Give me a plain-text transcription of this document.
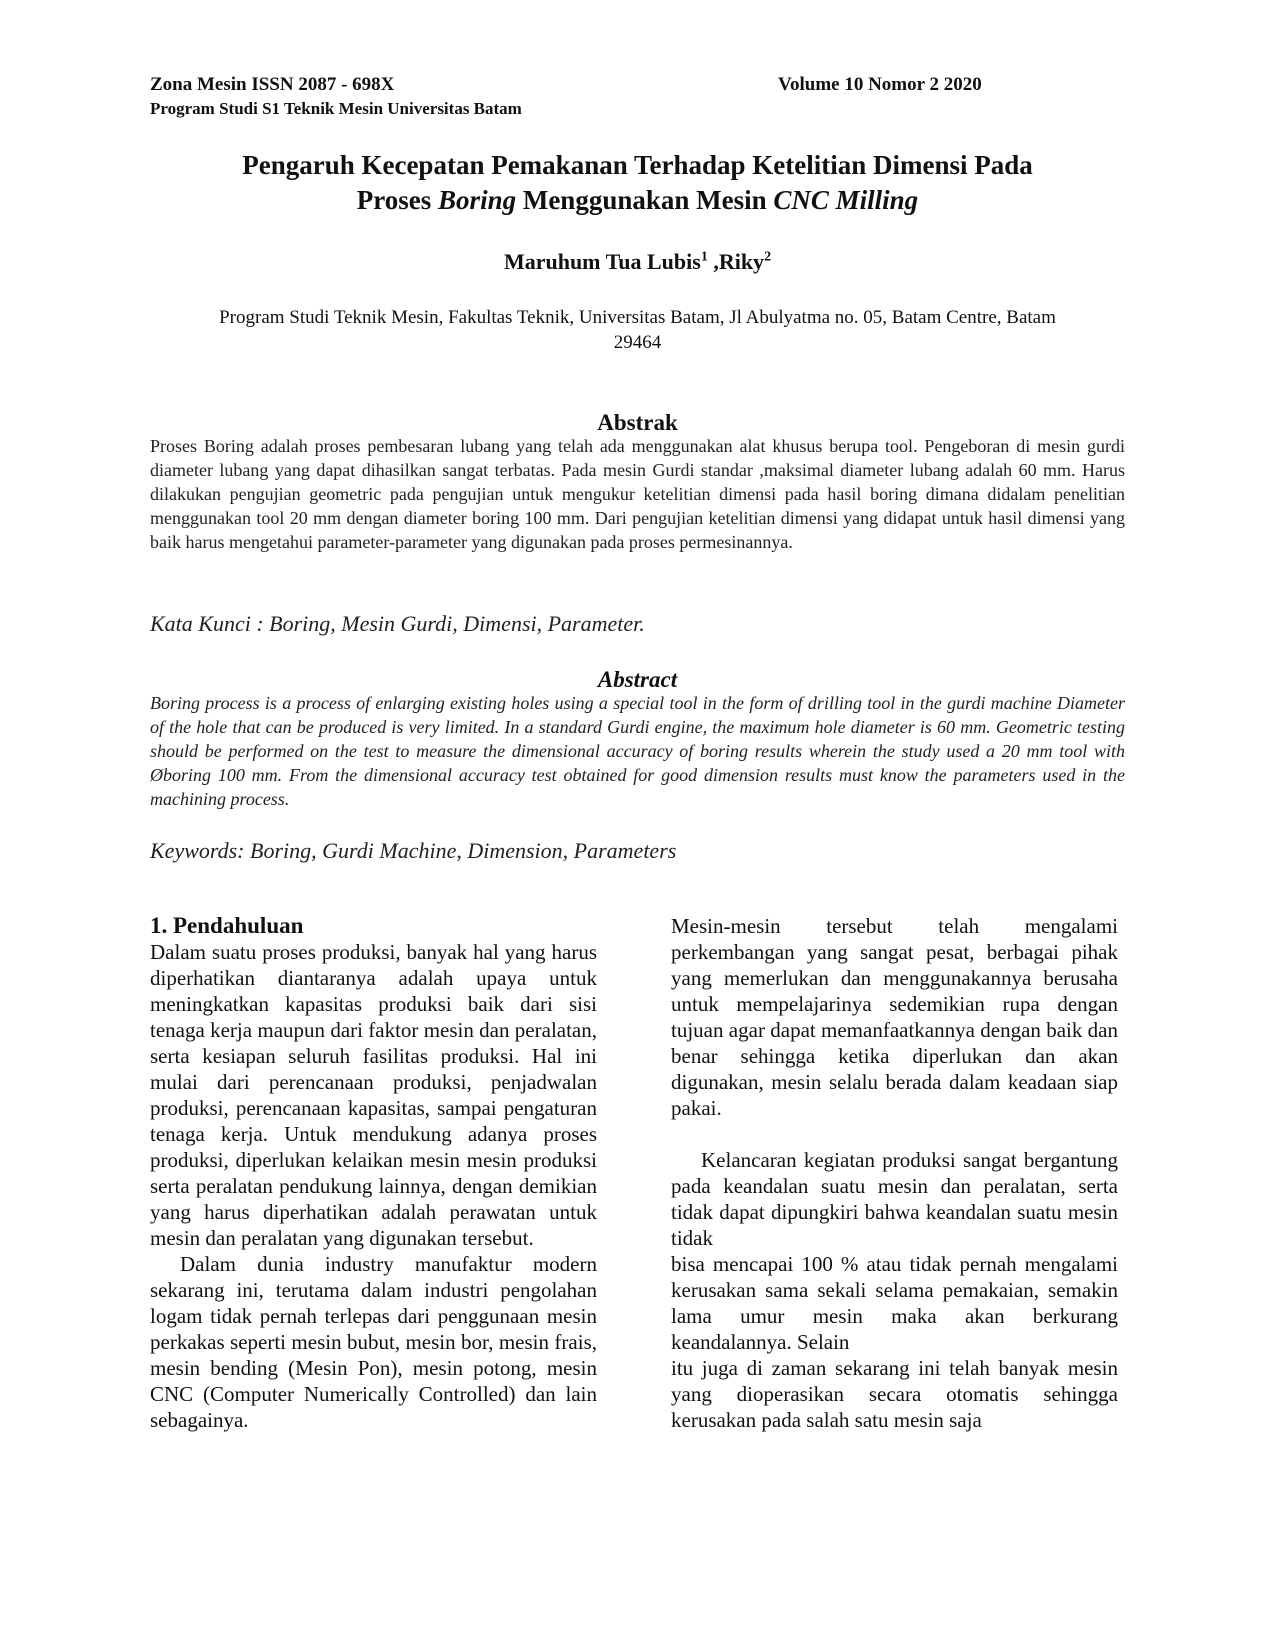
Zona Mesin ISSN 2087 - 698X	Volume 10 Nomor 2 2020
Program Studi S1 Teknik Mesin Universitas Batam
Pengaruh Kecepatan Pemakanan Terhadap Ketelitian Dimensi Pada
Proses Boring Menggunakan Mesin CNC Milling
Maruhum Tua Lubis$^1$ ,Riky$^2$
Program Studi Teknik Mesin, Fakultas Teknik, Universitas Batam, Jl Abulyatma no. 05, Batam Centre, Batam
29464
Abstrak
Proses Boring adalah proses pembesaran lubang yang telah ada menggunakan alat khusus berupa tool. Pengeboran di mesin gurdi diameter lubang yang dapat dihasilkan sangat terbatas. Pada mesin Gurdi standar ,maksimal diameter lubang adalah 60 mm. Harus dilakukan pengujian geometric pada pengujian untuk mengukur ketelitian dimensi pada hasil boring dimana didalam penelitian menggunakan tool 20 mm dengan diameter boring 100 mm. Dari pengujian ketelitian dimensi yang didapat untuk hasil dimensi yang baik harus mengetahui parameter-parameter yang digunakan pada proses permesinannya.
Kata Kunci : Boring, Mesin Gurdi, Dimensi, Parameter.
Abstract
Boring process is a process of enlarging existing holes using a special tool in the form of drilling tool in the gurdi machine Diameter of the hole that can be produced is very limited. In a standard Gurdi engine, the maximum hole diameter is 60 mm. Geometric testing should be performed on the test to measure the dimensional accuracy of boring results wherein the study used a 20 mm tool with Øboring 100 mm. From the dimensional accuracy test obtained for good dimension results must know the parameters used in the machining process.
Keywords: Boring, Gurdi Machine, Dimension, Parameters
1. Pendahuluan
Dalam suatu proses produksi, banyak hal yang harus diperhatikan diantaranya adalah upaya untuk meningkatkan kapasitas produksi baik dari sisi tenaga kerja maupun dari faktor mesin dan peralatan, serta kesiapan seluruh fasilitas produksi. Hal ini mulai dari perencanaan produksi, penjadwalan produksi, perencanaan kapasitas, sampai pengaturan tenaga kerja. Untuk mendukung adanya proses produksi, diperlukan kelaikan mesin mesin produksi serta peralatan pendukung lainnya, dengan demikian yang harus diperhatikan adalah perawatan untuk mesin dan peralatan yang digunakan tersebut.
Dalam dunia industry manufaktur modern sekarang ini, terutama dalam industri pengolahan logam tidak pernah terlepas dari penggunaan mesin perkakas seperti mesin bubut, mesin bor, mesin frais, mesin bending (Mesin Pon), mesin potong, mesin CNC (Computer Numerically Controlled) dan lain sebagainya.
Mesin-mesin tersebut telah mengalami perkembangan yang sangat pesat, berbagai pihak yang memerlukan dan menggunakannya berusaha untuk mempelajarinya sedemikian rupa dengan tujuan agar dapat memanfaatkannya dengan baik dan benar sehingga ketika diperlukan dan akan digunakan, mesin selalu berada dalam keadaan siap pakai.
Kelancaran kegiatan produksi sangat bergantung pada keandalan suatu mesin dan peralatan, serta tidak dapat dipungkiri bahwa keandalan suatu mesin tidak
bisa mencapai 100 % atau tidak pernah mengalami kerusakan sama sekali selama pemakaian, semakin lama umur mesin maka akan berkurang keandalannya. Selain
itu juga di zaman sekarang ini telah banyak mesin yang dioperasikan secara otomatis sehingga kerusakan pada salah satu mesin saja
